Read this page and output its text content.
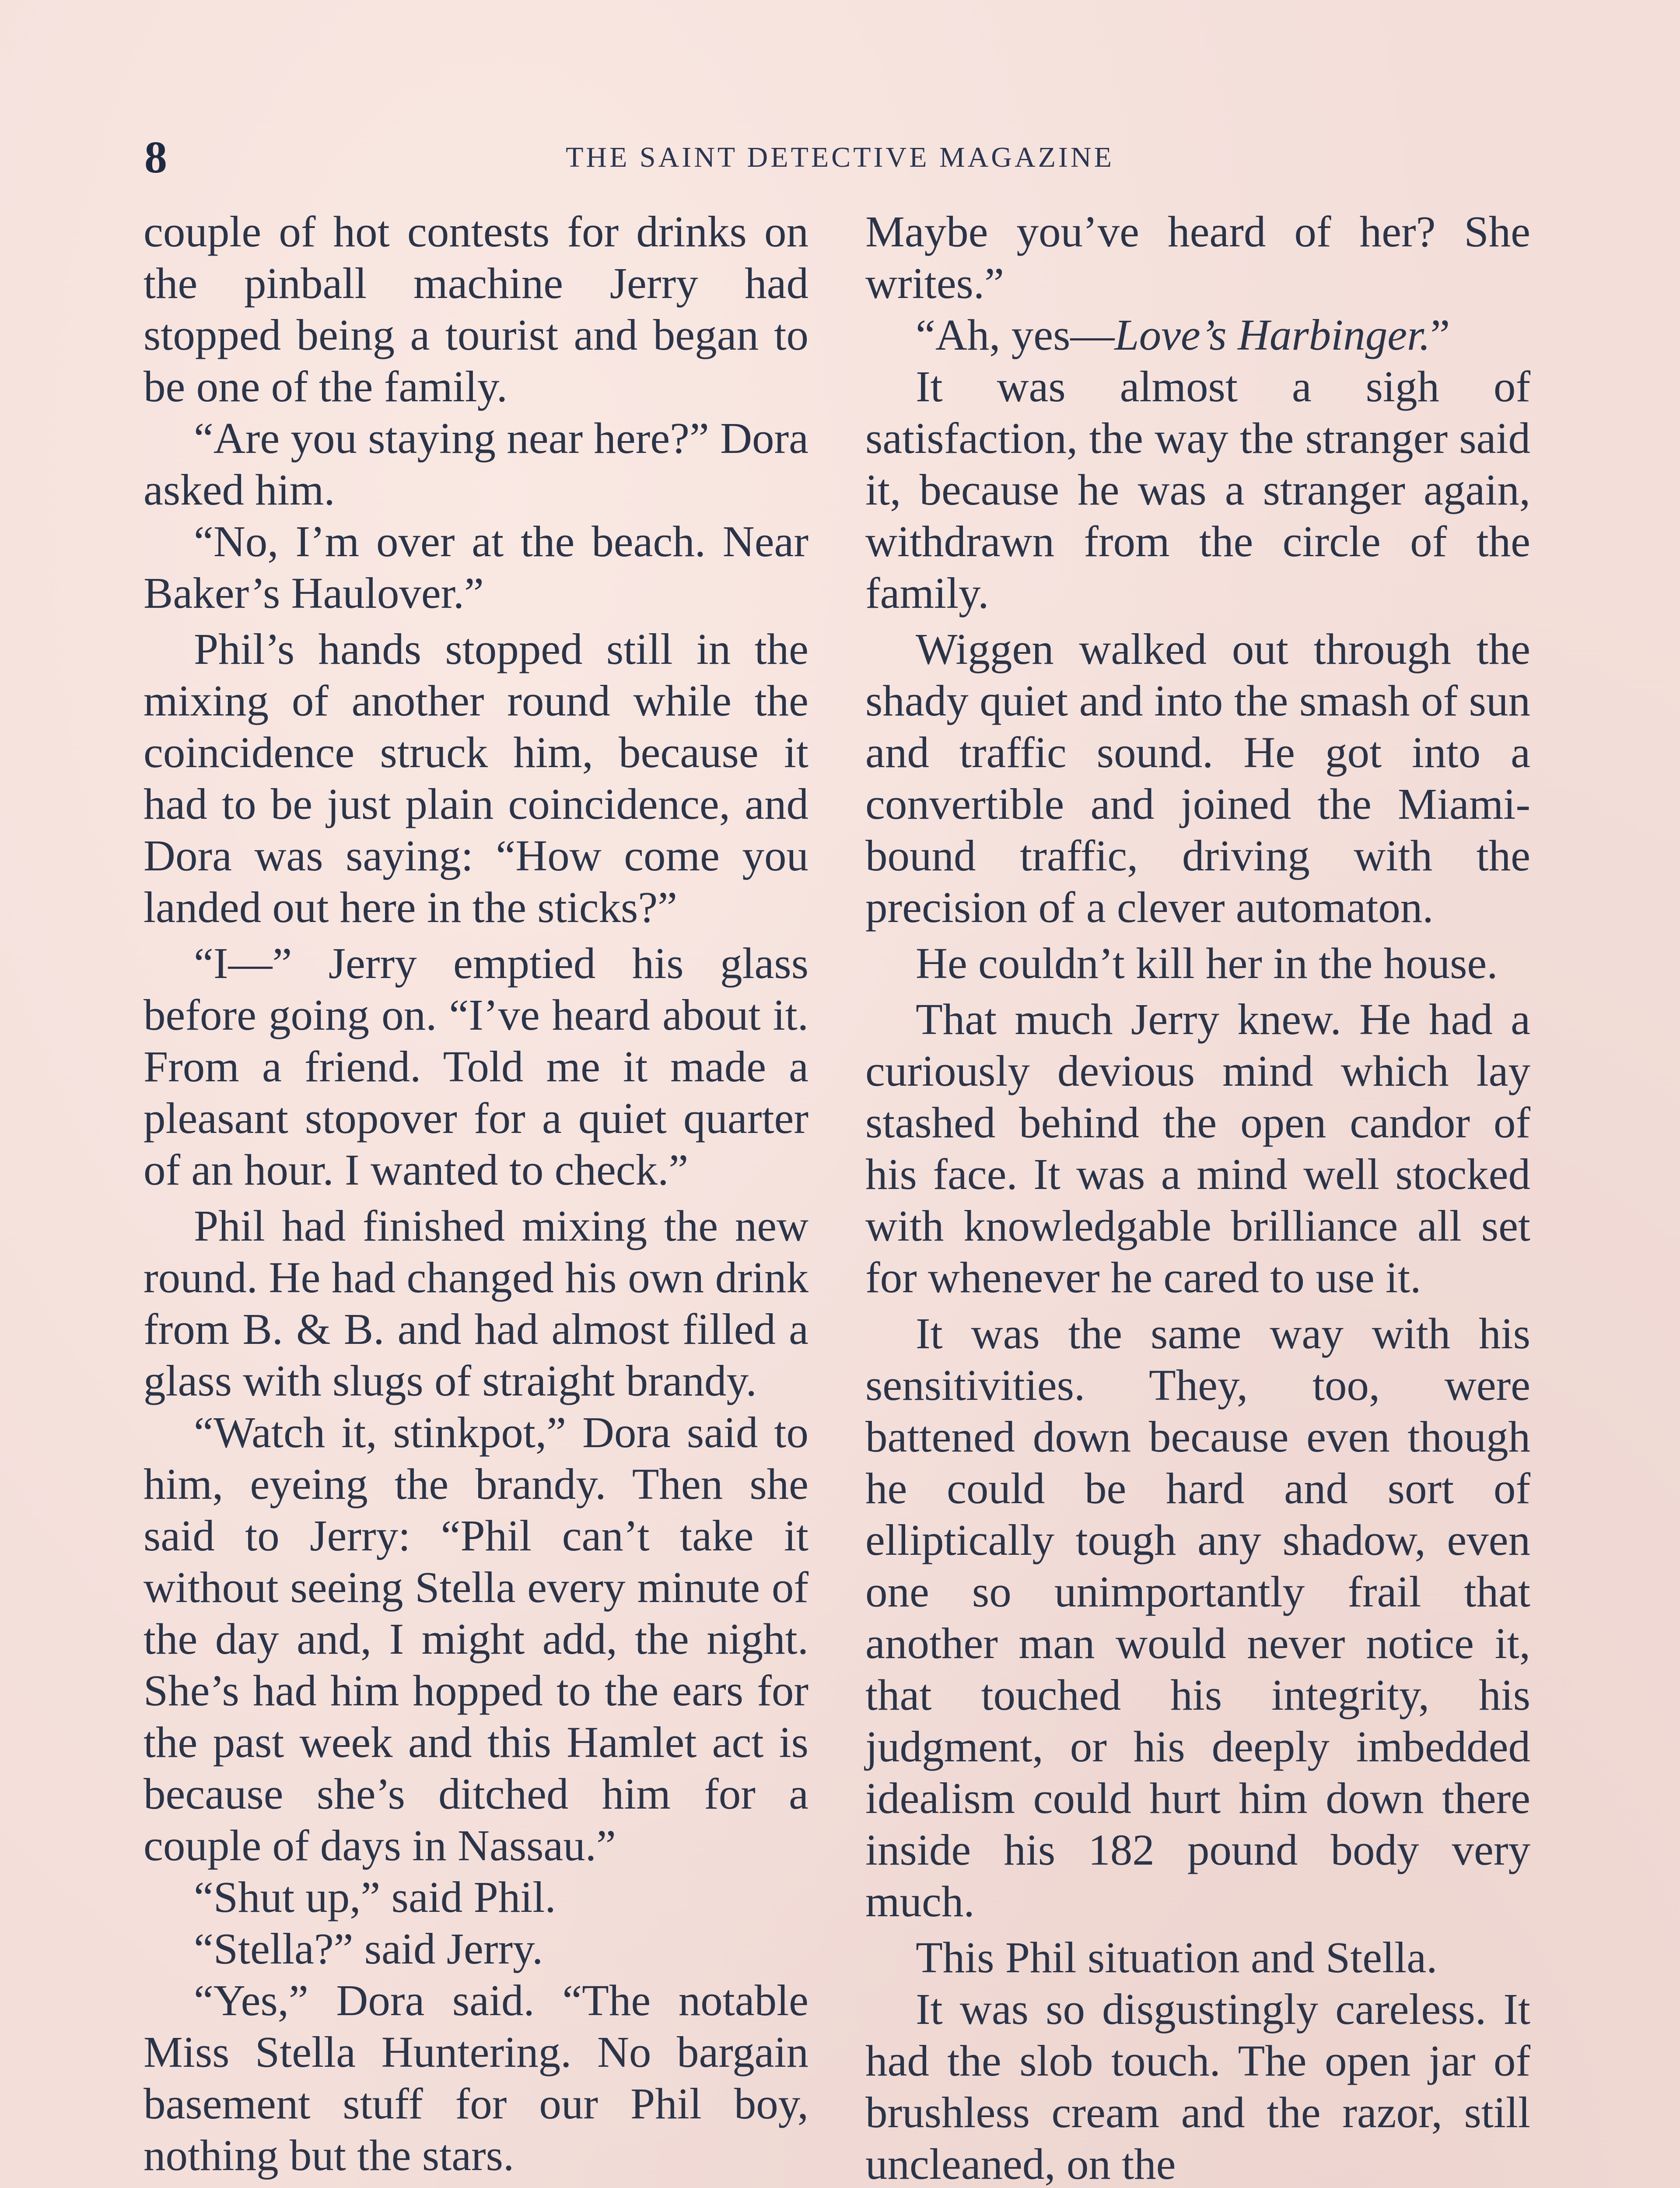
8	THE SAINT DETECTIVE MAGAZINE

couple of hot contests for drinks on the pinball machine Jerry had stopped being a tourist and began to be one of the family.

“Are you staying near here?” Dora asked him.

“No, I’m over at the beach. Near Baker’s Haulover.”

Phil’s hands stopped still in the mixing of another round while the coincidence struck him, because it had to be just plain coincidence, and Dora was saying: “How come you landed out here in the sticks?”

“I—” Jerry emptied his glass before going on. “I’ve heard about it. From a friend. Told me it made a pleasant stopover for a quiet quarter of an hour. I wanted to check.”

Phil had finished mixing the new round. He had changed his own drink from B. & B. and had almost filled a glass with slugs of straight brandy.

“Watch it, stinkpot,” Dora said to him, eyeing the brandy. Then she said to Jerry: “Phil can’t take it without seeing Stella every minute of the day and, I might add, the night. She’s had him hopped to the ears for the past week and this Hamlet act is because she’s ditched him for a couple of days in Nassau.”

“Shut up,” said Phil.

“Stella?” said Jerry.

“Yes,” Dora said. “The notable Miss Stella Huntering. No bargain basement stuff for our Phil boy, nothing but the stars.

Maybe you’ve heard of her? She writes.”

“Ah, yes—Love’s Harbinger.”

It was almost a sigh of satisfaction, the way the stranger said it, because he was a stranger again, withdrawn from the circle of the family.

Wiggen walked out through the shady quiet and into the smash of sun and traffic sound. He got into a convertible and joined the Miami-bound traffic, driving with the precision of a clever automaton.

He couldn’t kill her in the house.

That much Jerry knew. He had a curiously devious mind which lay stashed behind the open candor of his face. It was a mind well stocked with knowledgable brilliance all set for whenever he cared to use it.

It was the same way with his sensitivities. They, too, were battened down because even though he could be hard and sort of elliptically tough any shadow, even one so unimportantly frail that another man would never notice it, that touched his integrity, his judgment, or his deeply imbedded idealism could hurt him down there inside his 182 pound body very much.

This Phil situation and Stella.

It was so disgustingly careless. It had the slob touch. The open jar of brushless cream and the razor, still uncleaned, on the
